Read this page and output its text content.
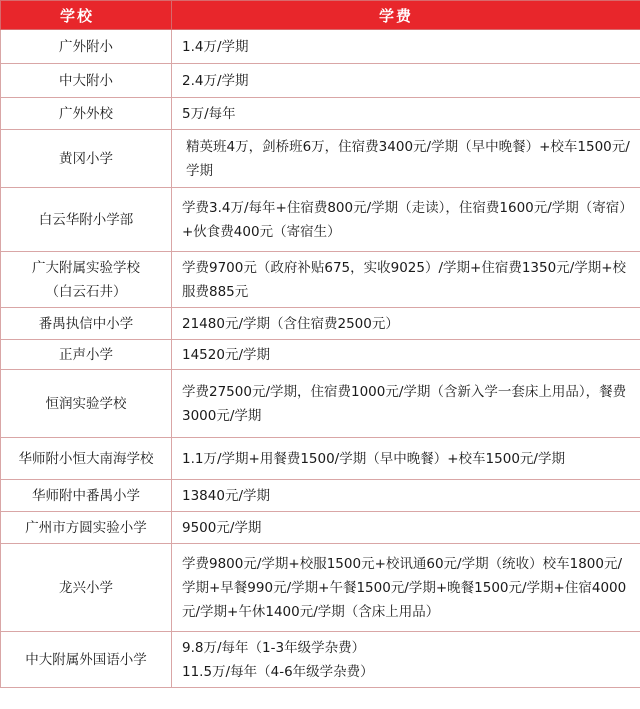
学校	学费

广外附小	1.4万/学期

中大附小	2.4万/学期

广外外校	5万/每年

黄冈小学	精英班4万，剑桥班6万，住宿费3400元/学期（早中晚餐）+校车1500元/学期

白云华附小学部	学费3.4万/每年+住宿费800元/学期（走读），住宿费1600元/学期（寄宿）+伙食费400元（寄宿生）

广大附属实验学校
（白云石井）	学费9700元（政府补贴675，实收9025）/学期+住宿费1350元/学期+校服费885元

番禺执信中小学	21480元/学期（含住宿费2500元）

正声小学	14520元/学期

恒润实验学校	学费27500元/学期，住宿费1000元/学期（含新入学一套床上用品），餐费3000元/学期

华师附小恒大南海学校	1.1万/学期+用餐费1500/学期（早中晚餐）+校车1500元/学期

华师附中番禺小学	13840元/学期

广州市方圆实验小学	9500元/学期

龙兴小学	学费9800元/学期+校服1500元+校讯通60元/学期（统收）校车1800元/学期+早餐990元/学期+午餐1500元/学期+晚餐1500元/学期+住宿4000元/学期+午休1400元/学期（含床上用品）

中大附属外国语小学	9.8万/每年（1-3年级学杂费）
11.5万/每年（4-6年级学杂费）
